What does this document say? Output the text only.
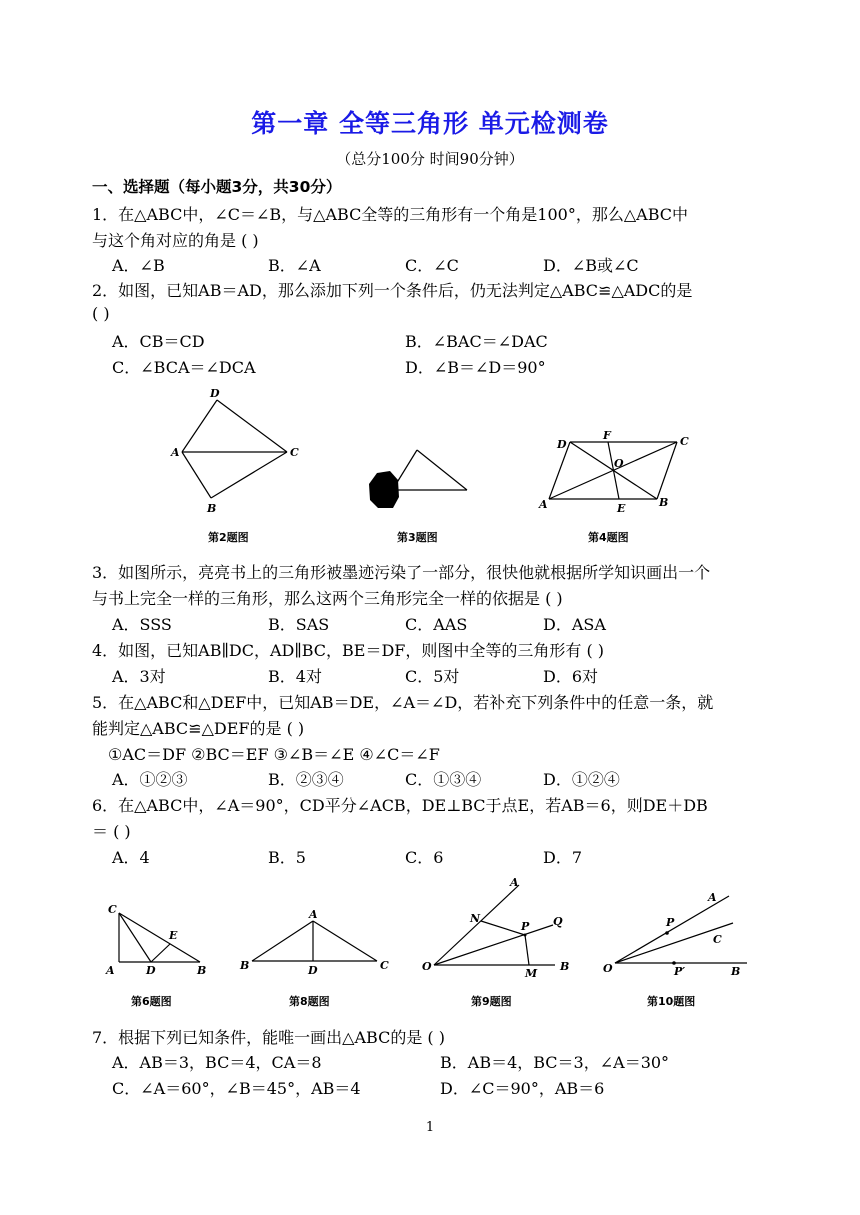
第一章 全等三角形 单元检测卷
（总分100分 时间90分钟）
一、选择题（每小题3分，共30分）
1．在△ABC中，∠C＝∠B，与△ABC全等的三角形有一个角是100°，那么△ABC中
与这个角对应的角是 ( )
A．∠B	B．∠A	C．∠C	D．∠B或∠C
2．如图，已知AB＝AD，那么添加下列一个条件后，仍无法判定△ABC≌△ADC的是
( )
A．CB＝CD	B．∠BAC＝∠DAC
C．∠BCA＝∠DCA	D．∠B＝∠D＝90°
D
A	C
B
第2题图	第3题图
D
F	C
O
A	E	B
第4题图
3．如图所示，亮亮书上的三角形被墨迹污染了一部分，很快他就根据所学知识画出一个
与书上完全一样的三角形，那么这两个三角形完全一样的依据是 ( )
A．SSS	B．SAS	C．AAS	D．ASA
4．如图，已知AB∥DC，AD∥BC，BE＝DF，则图中全等的三角形有 ( )
A．3对	B．4对	C．5对	D．6对
5．在△ABC和△DEF中，已知AB＝DE，∠A＝∠D，若补充下列条件中的任意一条，就
能判定△ABC≌△DEF的是 ( )
①AC＝DF ②BC＝EF ③∠B＝∠E ④∠C＝∠F
A．①②③	B．②③④	C．①③④	D．①②④
6．在△ABC中，∠A＝90°，CD平分∠ACB，DE⊥BC于点E，若AB＝6，则DE＋DB
＝ ( )
A．4	B．5	C．6	D．7
C
E
A	D	B
第6题图
A
B	D	C
第8题图
A
N
P Q
O
M
B
第9题图
A
P
C
O	P′	B
第10题图
7．根据下列已知条件，能唯一画出△ABC的是 ( )
A．AB＝3，BC＝4，CA＝8	B．AB＝4，BC＝3，∠A＝30°
C．∠A＝60°，∠B＝45°，AB＝4	D．∠C＝90°，AB＝6
1
